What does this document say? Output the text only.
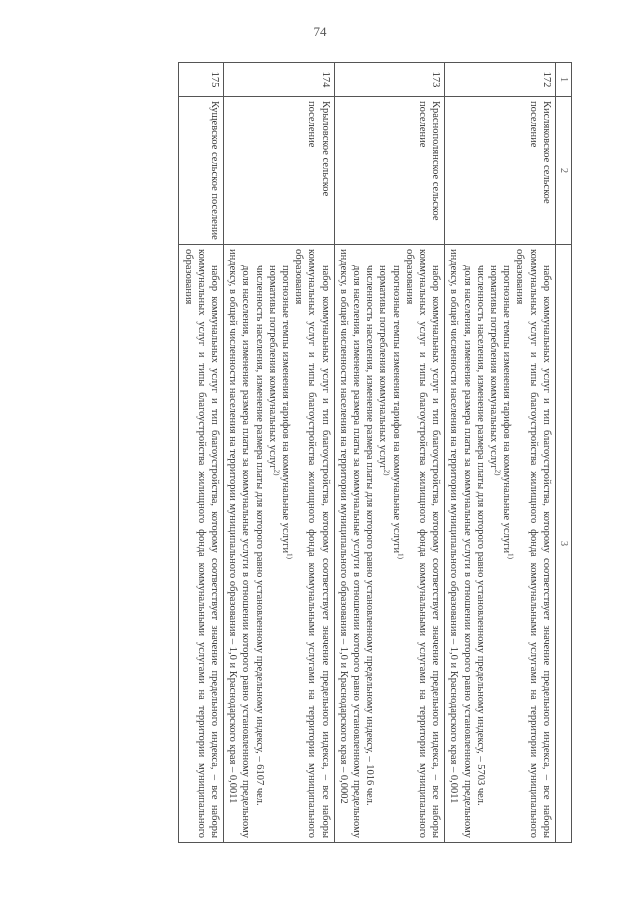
74
1	2	3
172	Кисляковское сельское поселение	набор коммунальных услуг и тип благоустройства, которому соответствует значение предельного индекса, – все наборы коммунальных услуг и типы благоустройства жилищного фонда коммунальными услугами на территории муниципального образования

прогнозные темпы изменения тарифов на коммунальные услуги$^{1)}$

нормативы потребления коммунальных услуг$^{2)}$

численность населения, изменение размера платы для которого равно установленному предельному индексу, – 5703 чел.

доля населения, изменение размера платы за коммунальные услуги в отношении которого равно установленному предельному индексу, в общей численности населения на территории муниципального образования – 1,0 и Краснодарского края – 0,0011

173	Краснополянское сельское поселение	набор коммунальных услуг и тип благоустройства, которому соответствует значение предельного индекса, – все наборы коммунальных услуг и типы благоустройства жилищного фонда коммунальными услугами на территории муниципального образования

прогнозные темпы изменения тарифов на коммунальные услуги$^{1)}$

нормативы потребления коммунальных услуг$^{2)}$

численность населения, изменение размера платы для которого равно установленному предельному индексу, – 1016 чел.

доля населения, изменение размера платы за коммунальные услуги в отношении которого равно установленному предельному индексу, в общей численности населения на территории муниципального образования – 1,0 и Краснодарского края – 0,0002

174	Крыловское сельское поселение	набор коммунальных услуг и тип благоустройства, которому соответствует значение предельного индекса, – все наборы коммунальных услуг и типы благоустройства жилищного фонда коммунальными услугами на территории муниципального образования

прогнозные темпы изменения тарифов на коммунальные услуги$^{1)}$

нормативы потребления коммунальных услуг$^{2)}$

численность населения, изменение размера платы для которого равно установленному предельному индексу, – 6107 чел.

доля населения, изменение размера платы за коммунальные услуги в отношении которого равно установленному предельному индексу, в общей численности населения на территории муниципального образования – 1,0 и Краснодарского края – 0,0011

175	Кущевское сельское поселение	набор коммунальных услуг и тип благоустройства, которому соответствует значение предельного индекса, – все наборы коммунальных услуг и типы благоустройства жилищного фонда коммунальными услугами на территории муниципального образования
